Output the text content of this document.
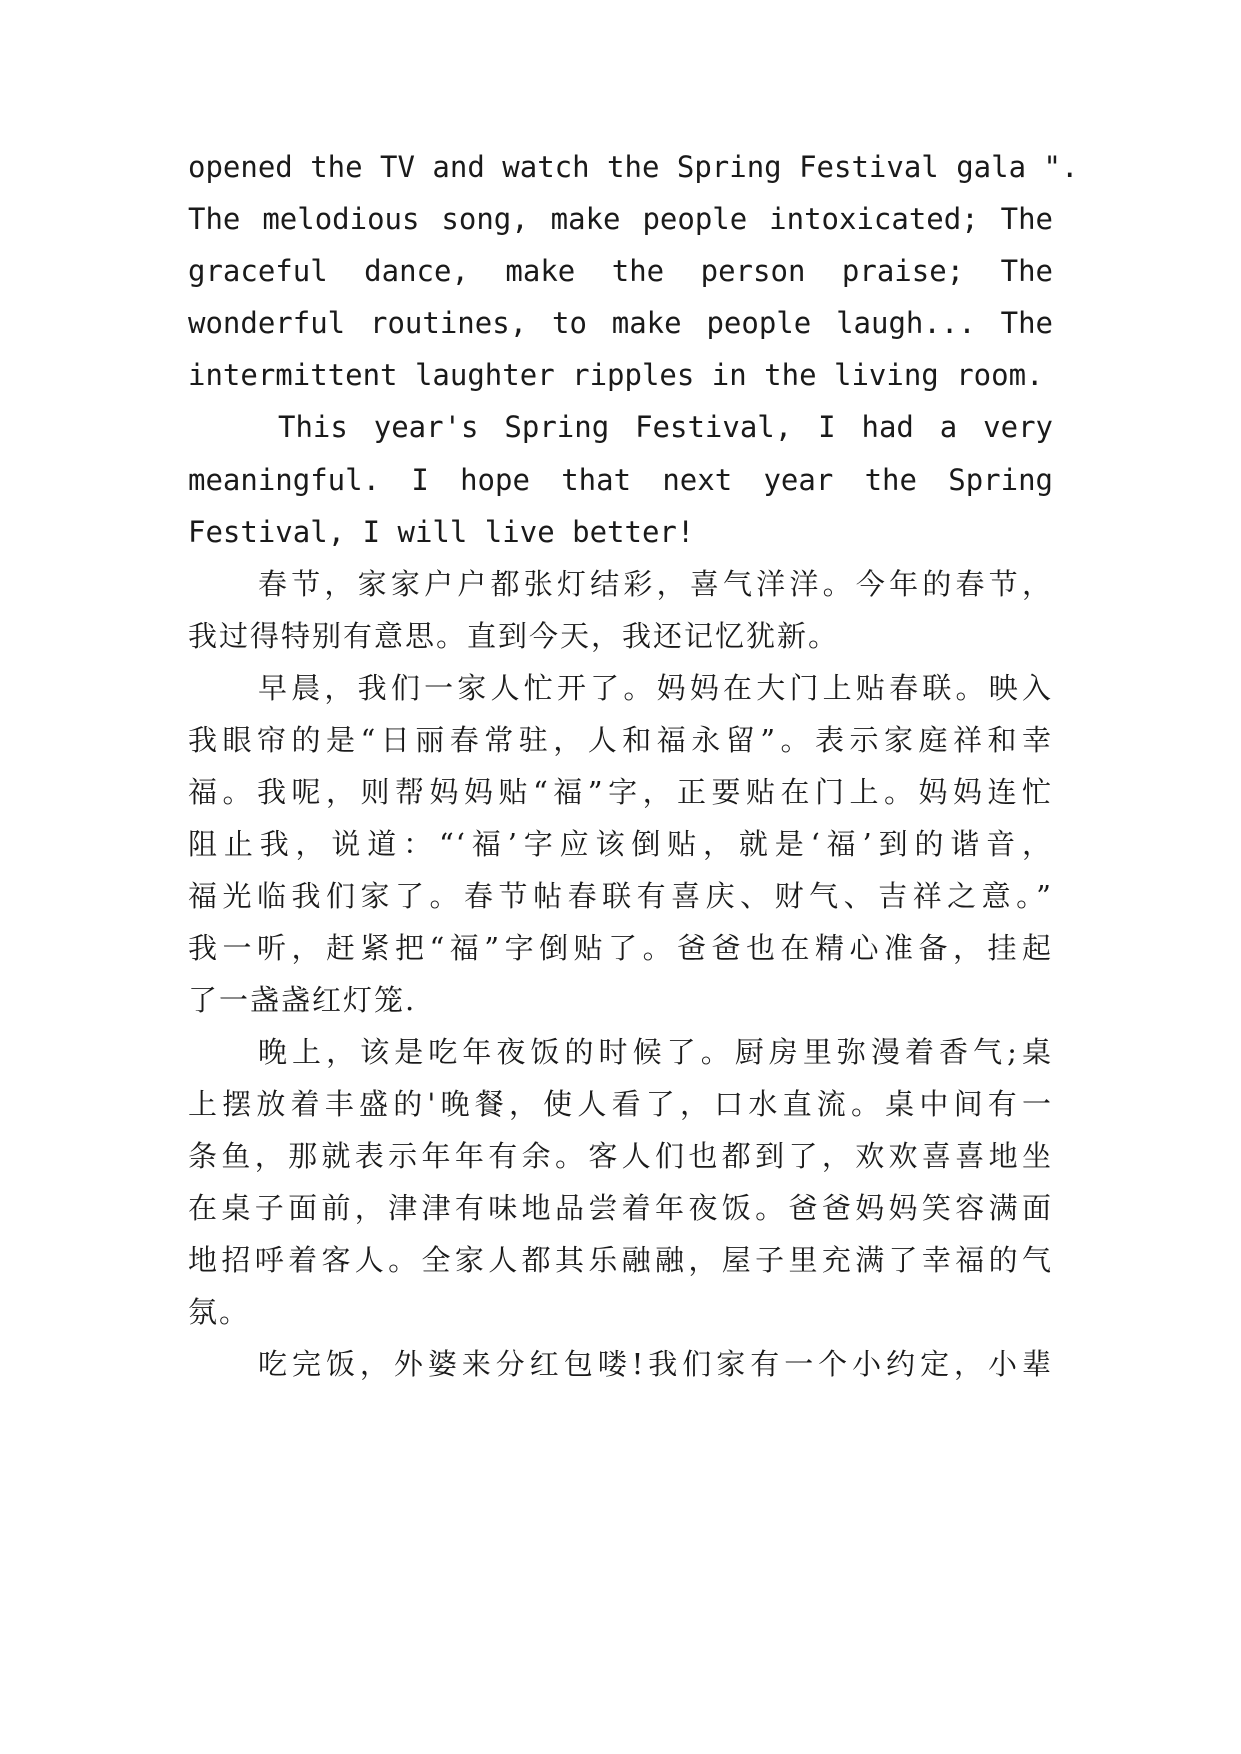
opened the TV and watch the Spring Festival gala ".

The melodious song, make people intoxicated; The

graceful dance, make the person praise; The

wonderful routines, to make people laugh... The

intermittent laughter ripples in the living room.

This year's Spring Festival, I had a very

meaningful. I hope that next year the Spring

Festival, I will live better!

春节，家家户户都张灯结彩，喜气洋洋。今年的春节，

我过得特别有意思。直到今天，我还记忆犹新。

早晨，我们一家人忙开了。妈妈在大门上贴春联。映入

我眼帘的是“日丽春常驻，人和福永留”。表示家庭祥和幸

福。我呢，则帮妈妈贴“福”字，正要贴在门上。妈妈连忙

阻止我，说道：“‘福’字应该倒贴，就是‘福’到的谐音，

福光临我们家了。春节帖春联有喜庆、财气、吉祥之意。”

我一听，赶紧把“福”字倒贴了。爸爸也在精心准备，挂起

了一盏盏红灯笼.

晚上，该是吃年夜饭的时候了。厨房里弥漫着香气;桌

上摆放着丰盛的'晚餐，使人看了，口水直流。桌中间有一

条鱼，那就表示年年有余。客人们也都到了，欢欢喜喜地坐

在桌子面前，津津有味地品尝着年夜饭。爸爸妈妈笑容满面

地招呼着客人。全家人都其乐融融，屋子里充满了幸福的气

氛。

吃完饭，外婆来分红包喽!我们家有一个小约定，小辈
